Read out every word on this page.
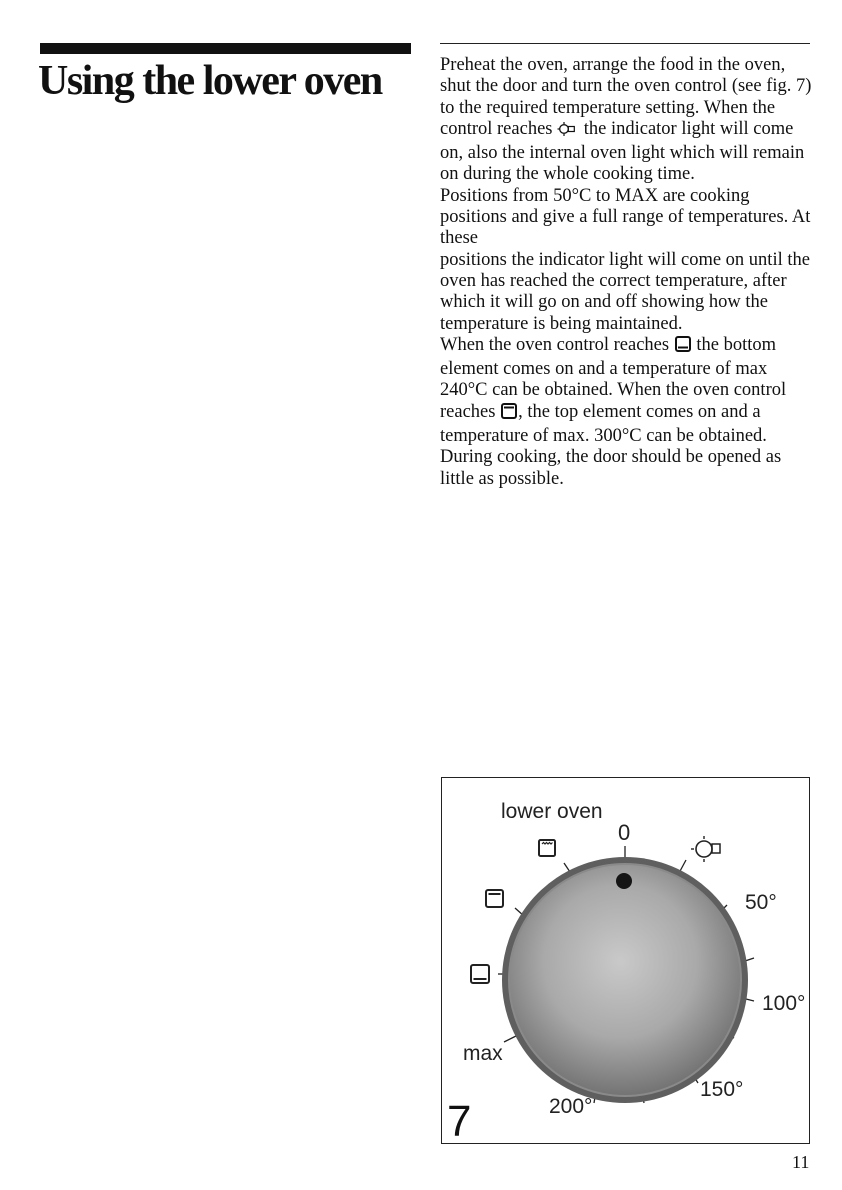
Using the lower oven	Preheat the oven, arrange the food in the oven, shut the door and turn the oven control (see fig. 7) to the required temperature setting. When the control reaches the indicator light will come on, also the internal oven light which will remain on during the whole cooking time.

Positions from 50°C to MAX are cooking positions and give a full range of temperatures. At these

positions the indicator light will come on until the oven has reached the correct temperature, after which it will go on and off showing how the temperature is being maintained.

When the oven control reaches the bottom element comes on and a temperature of max 240°C can be obtained. When the oven control reaches , the top element comes on and a temperature of max. 300°C can be obtained. During cooking, the door should be opened as little as possible.

lower oven
0
50°
100°
150°
200°
max
7
11
